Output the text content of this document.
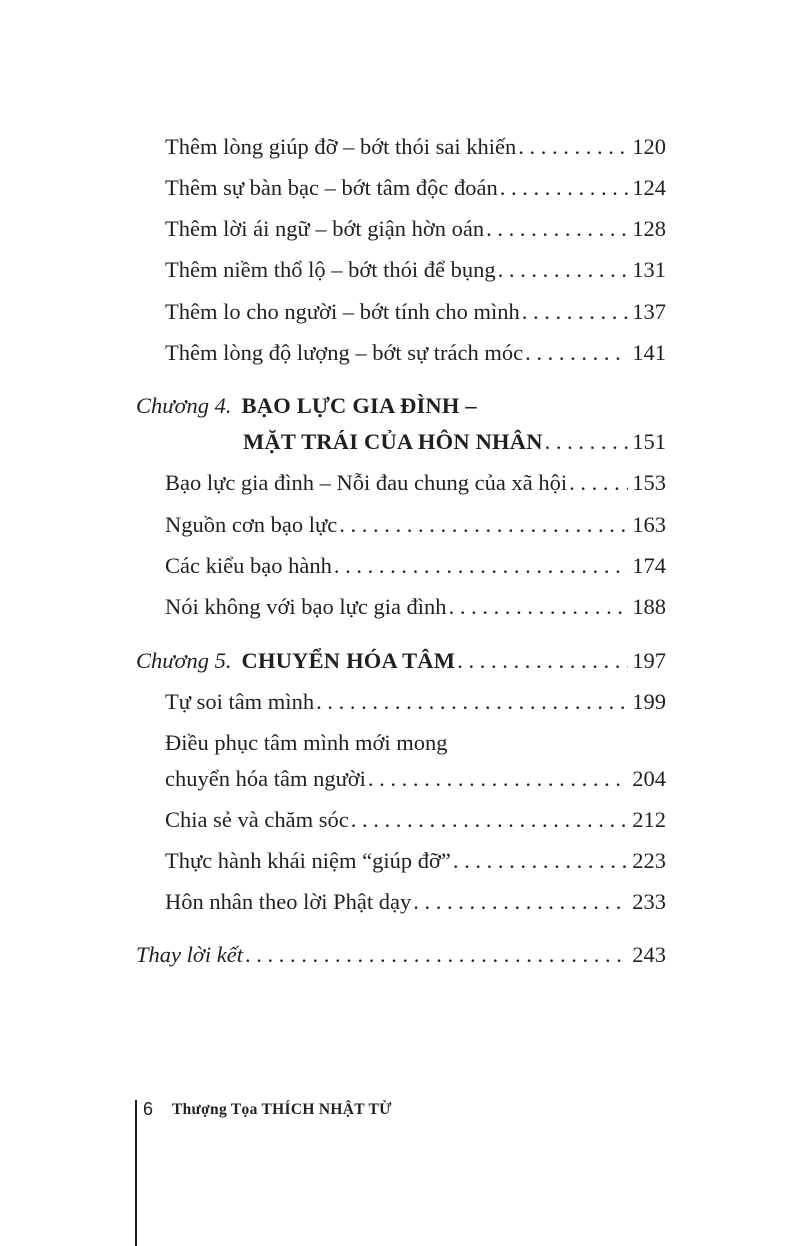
Thêm lòng giúp đỡ – bớt thói sai khiến . . .	120
Thêm sự bàn bạc – bớt tâm độc đoán . . .	124
Thêm lời ái ngữ – bớt giận hờn oán . . .	128
Thêm niềm thổ lộ – bớt thói để bụng . . .	131
Thêm lo cho người – bớt tính cho mình . . .	137
Thêm lòng độ lượng – bớt sự trách móc . . .	141
Chương 4. BẠO LỰC GIA ĐÌNH –
MẶT TRÁI CỦA HÔN NHÂN . . .	151
Bạo lực gia đình – Nỗi đau chung của xã hội . . .	153
Nguồn cơn bạo lực . . .	163
Các kiểu bạo hành . . .	174
Nói không với bạo lực gia đình . . .	188
Chương 5. CHUYỂN HÓA TÂM . . .	197
Tự soi tâm mình . . .	199
Điều phục tâm mình mới mong
chuyển hóa tâm người . . .	204
Chia sẻ và chăm sóc . . .	212
Thực hành khái niệm “giúp đỡ” . . .	223
Hôn nhân theo lời Phật dạy . . .	233
Thay lời kết . . .	243
6 Thượng Tọa THÍCH NHẬT TỪ
